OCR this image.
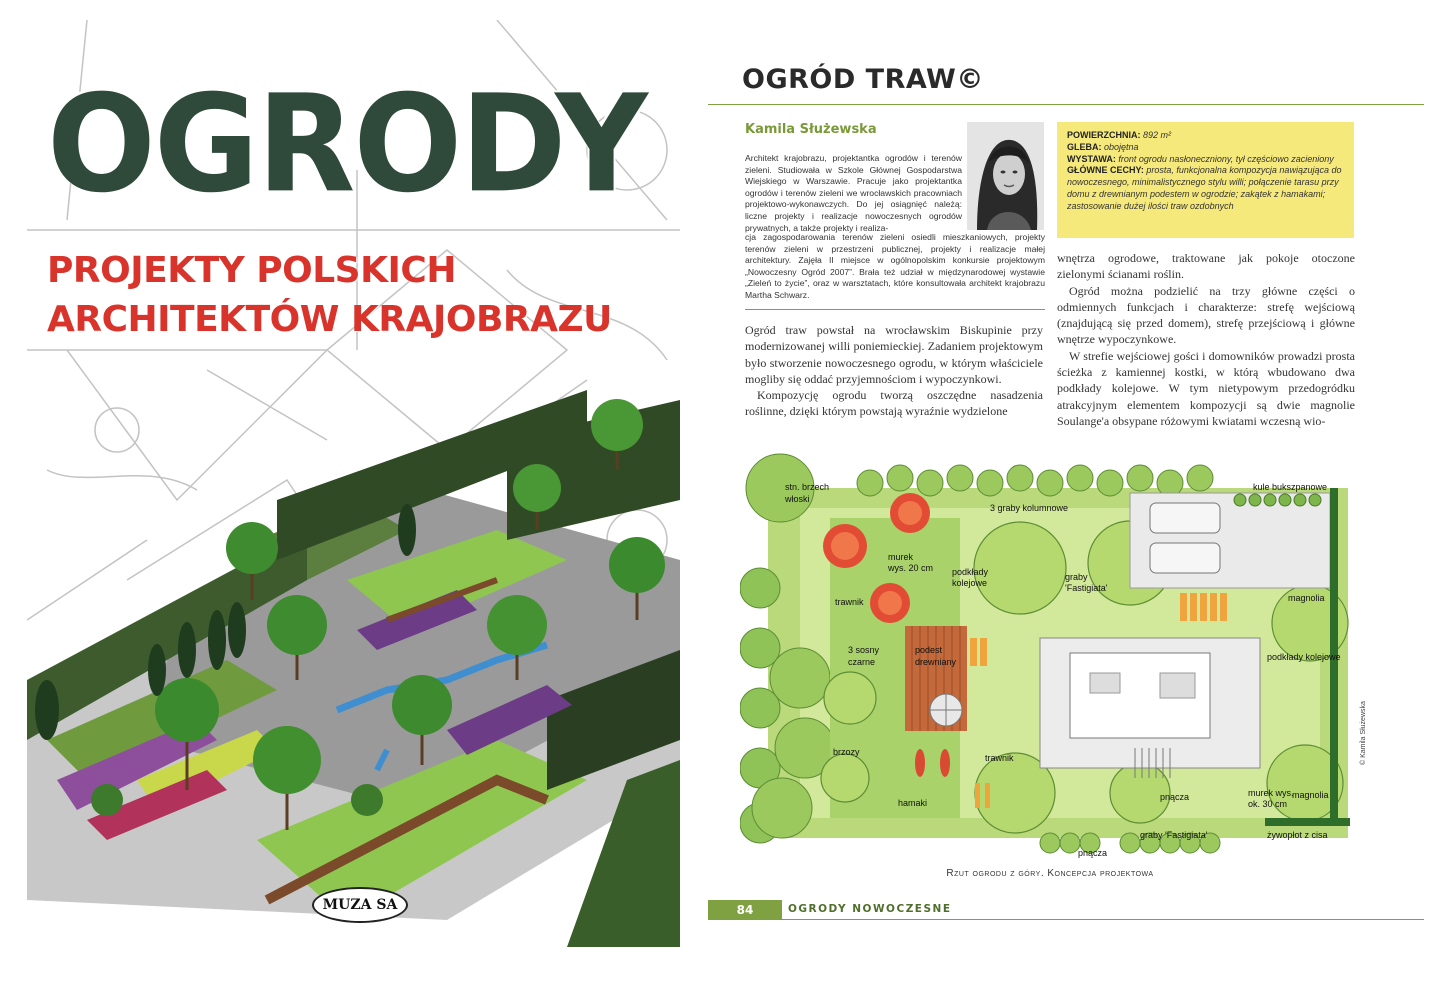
OGRODY
PROJEKTY POLSKICH
ARCHITEKTÓW KRAJOBRAZU
MUZA SA
OGRÓD TRAW©
Kamila Służewska
Architekt krajobrazu, projektantka ogrodów i terenów zieleni. Studiowała w Szkole Głównej Gospodarstwa Wiejskiego w Warszawie. Pracuje jako projektantka ogrodów i terenów zieleni we wrocławskich pracowniach projektowo-wykonawczych. Do jej osiągnięć należą: liczne projekty i realizacje nowoczesnych ogrodów prywatnych, a także projekty i realiza-
cja zagospodarowania terenów zieleni osiedli mieszkaniowych, projekty terenów zieleni w przestrzeni publicznej, projekty i realizacje małej architektury. Zajęła II miejsce w ogólnopolskim konkursie projektowym „Nowoczesny Ogród 2007”. Brała też udział w międzynarodowej wystawie „Zieleń to życie”, oraz w warsztatach, które konsultowała architekt krajobrazu Martha Schwarz.
POWIERZCHNIA: 892 m²
GLEBA: obojętna
WYSTAWA: front ogrodu nasłoneczniony, tył częściowo zacieniony
GŁÓWNE CECHY: prosta, funkcjonalna kompozycja nawiązująca do nowoczesnego, minimalistycznego stylu willi; połączenie tarasu przy domu z drewnianym podestem w ogrodzie; zakątek z hamakami; zastosowanie dużej ilości traw ozdobnych

Ogród traw powstał na wrocławskim Biskupinie przy modernizowanej willi poniemieckiej. Zadaniem projektowym było stworzenie nowoczesnego ogrodu, w którym właściciele mogliby się oddać przyjemnościom i wypoczynkowi.

Kompozycję ogrodu tworzą oszczędne nasadzenia roślinne, dzięki którym powstają wyraźnie wydzielone

wnętrza ogrodowe, traktowane jak pokoje otoczone zielonymi ścianami roślin.

Ogród można podzielić na trzy główne części o odmiennych funkcjach i charakterze: strefę wejściową (znajdującą się przed domem), strefę przejściową i główne wnętrze wypoczynkowe.

W strefie wejściowej gości i domowników prowadzi prosta ścieżka z kamiennej kostki, w którą wbudowano dwa podkłady kolejowe. W tym nietypowym przedogródku atrakcyjnym elementem kompozycji są dwie magnolie Soulange'a obsypane różowymi kwiatami wczesną wio-

stn. brzech
włoski
3 graby kolumnowe
kule bukszpanowe
murek
wys. 20 cm podkłady
kolejowe
graby
'Fastigiata'
trawnik	magnolia
3 sosny
czarne
podest
drewniany	podkłady kolejowe
brzozy
trawnik
hamaki
pnącza	murek wys.
ok. 30 cm
magnolia
graby 'Fastigiata'	żywopłot z cisa
pnącza
Rzut ogrodu z góry. Koncepcja projektowa
© Kamila Służewska
84	OGRODY NOWOCZESNE
